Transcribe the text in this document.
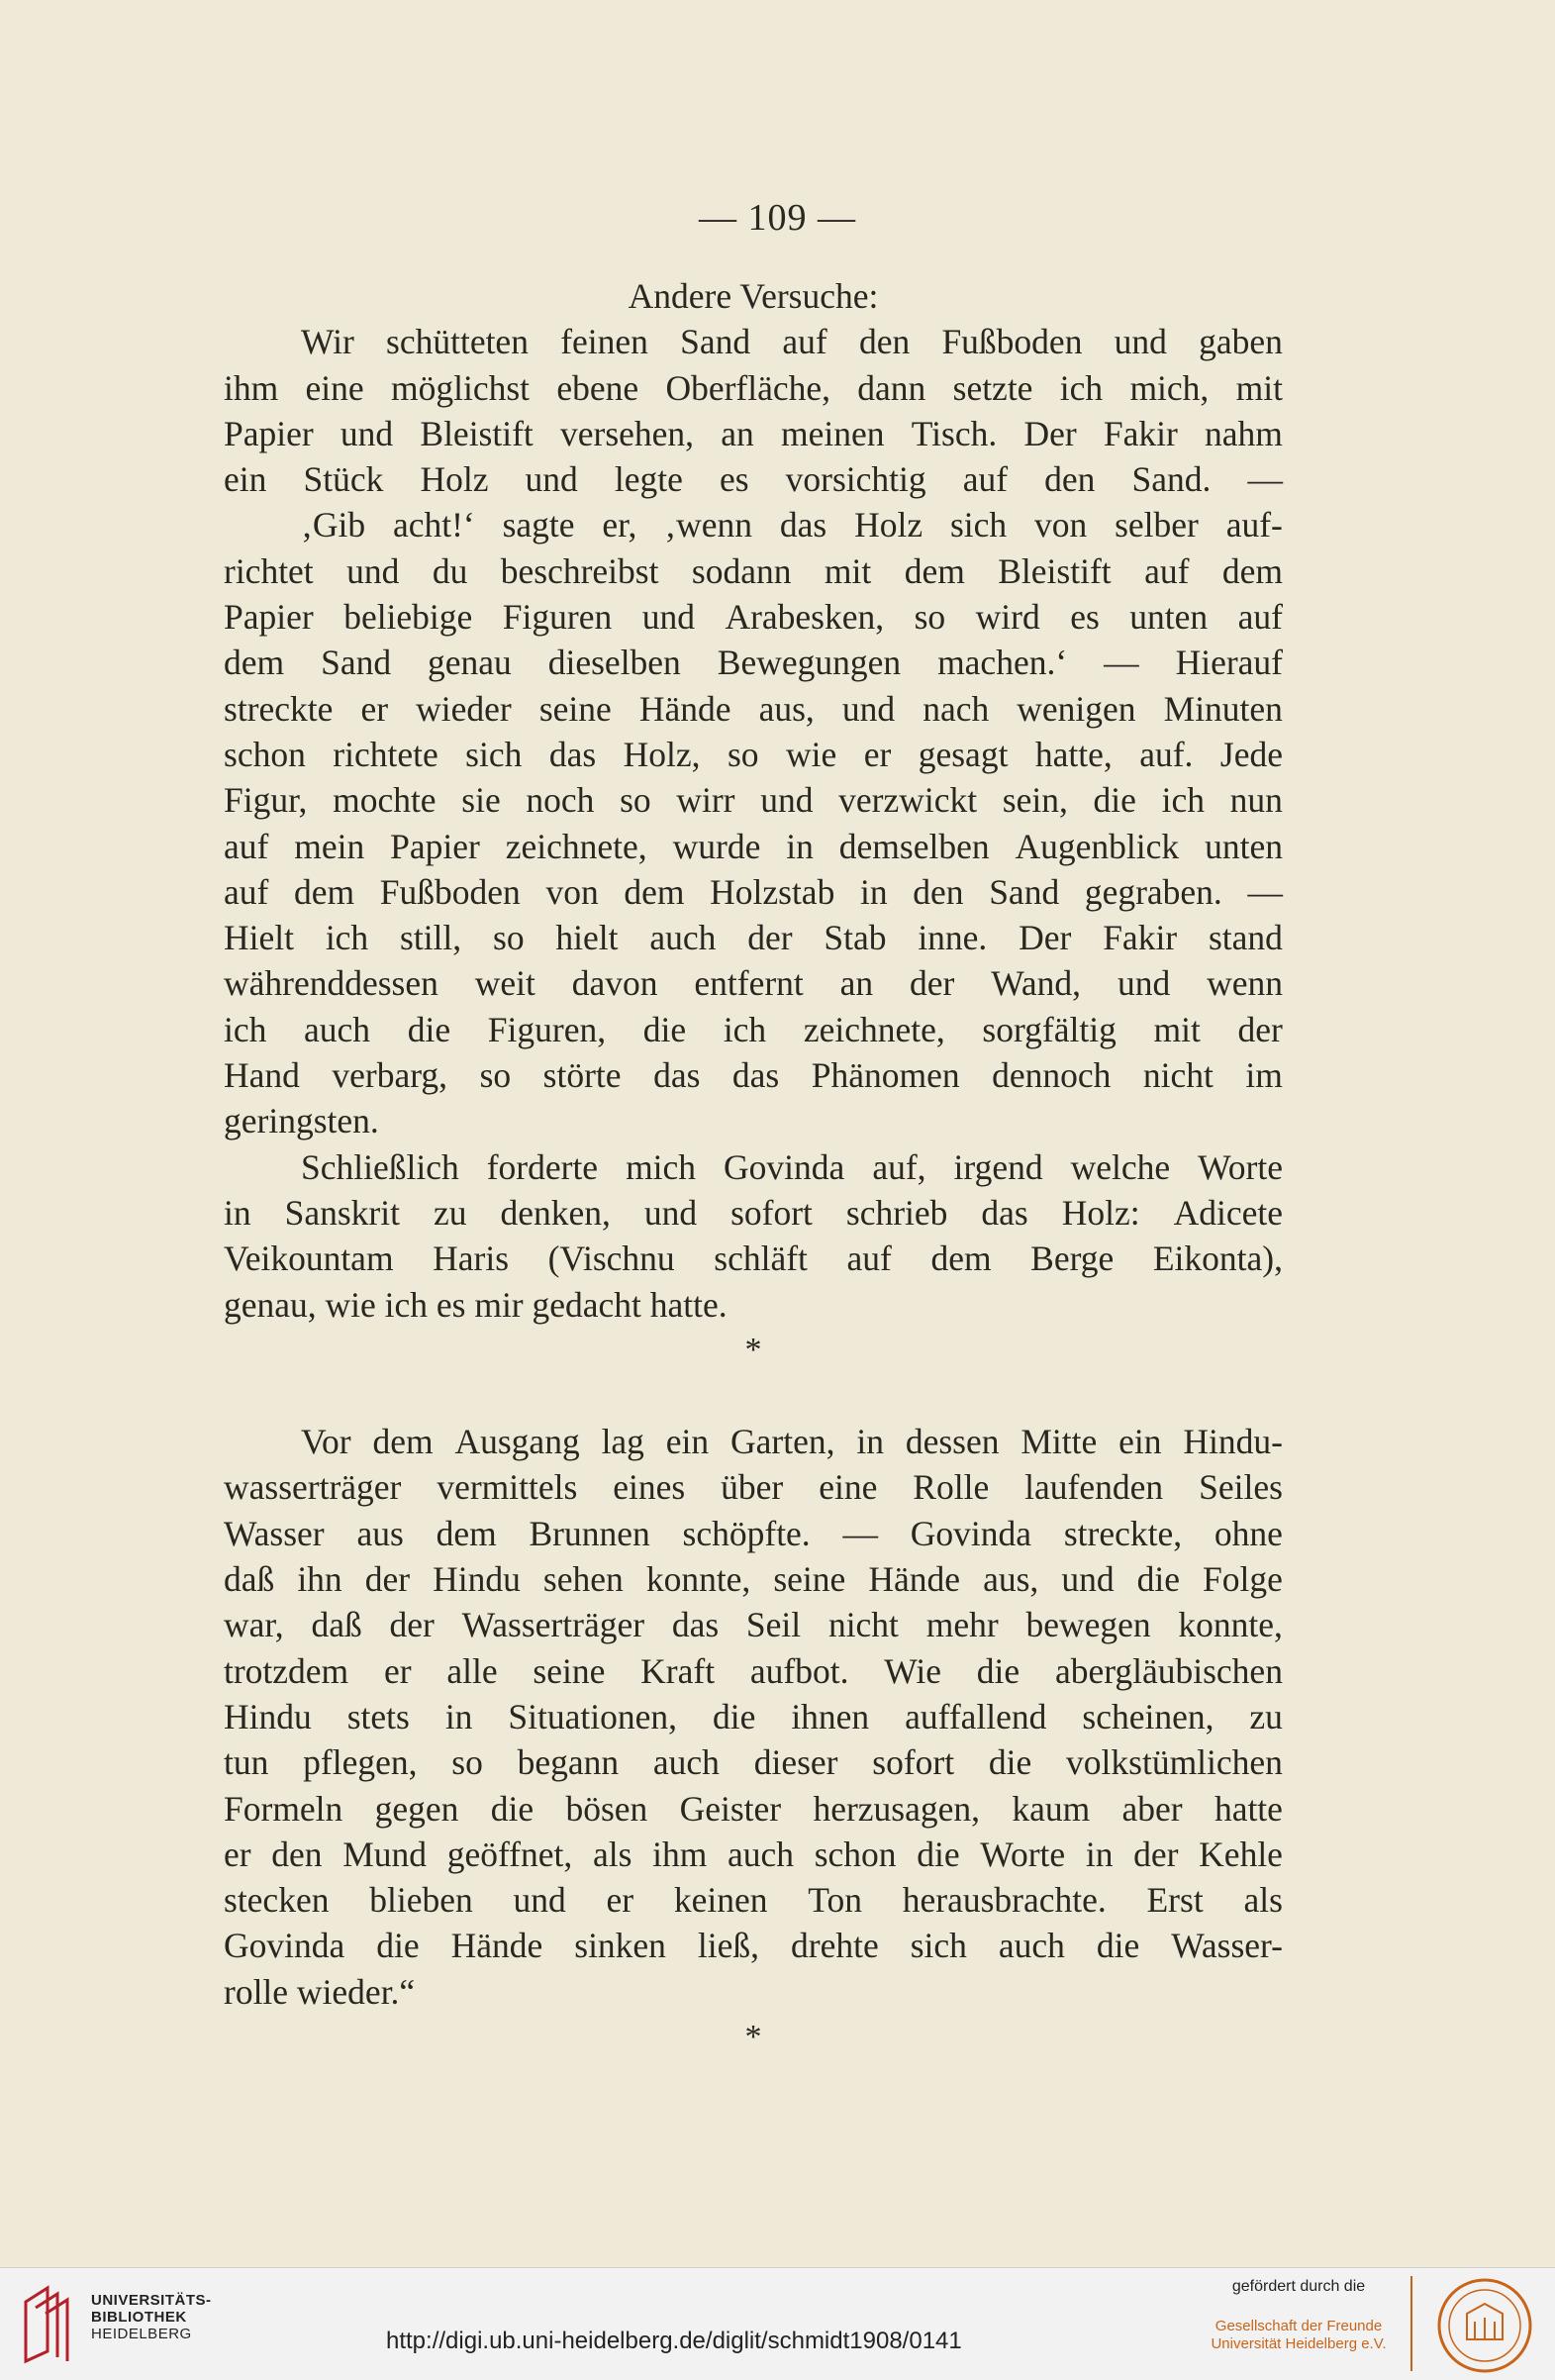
— 109 —
Andere Versuche:
Wir schütteten feinen Sand auf den Fußboden und gaben
ihm eine möglichst ebene Oberfläche, dann setzte ich mich, mit
Papier und Bleistift versehen, an meinen Tisch. Der Fakir nahm
ein Stück Holz und legte es vorsichtig auf den Sand. —
‚Gib acht!‘ sagte er, ‚wenn das Holz sich von selber auf-
richtet und du beschreibst sodann mit dem Bleistift auf dem
Papier beliebige Figuren und Arabesken, so wird es unten auf
dem Sand genau dieselben Bewegungen machen.‘ — Hierauf
streckte er wieder seine Hände aus, und nach wenigen Minuten
schon richtete sich das Holz, so wie er gesagt hatte, auf. Jede
Figur, mochte sie noch so wirr und verzwickt sein, die ich nun
auf mein Papier zeichnete, wurde in demselben Augenblick unten
auf dem Fußboden von dem Holzstab in den Sand gegraben. —
Hielt ich still, so hielt auch der Stab inne. Der Fakir stand
währenddessen weit davon entfernt an der Wand, und wenn
ich auch die Figuren, die ich zeichnete, sorgfältig mit der
Hand verbarg, so störte das das Phänomen dennoch nicht im
geringsten.
Schließlich forderte mich Govinda auf, irgend welche Worte
in Sanskrit zu denken, und sofort schrieb das Holz: Adicete
Veikountam Haris (Vischnu schläft auf dem Berge Eikonta),
genau, wie ich es mir gedacht hatte.
*
Vor dem Ausgang lag ein Garten, in dessen Mitte ein Hindu-
wasserträger vermittels eines über eine Rolle laufenden Seiles
Wasser aus dem Brunnen schöpfte. — Govinda streckte, ohne
daß ihn der Hindu sehen konnte, seine Hände aus, und die Folge
war, daß der Wasserträger das Seil nicht mehr bewegen konnte,
trotzdem er alle seine Kraft aufbot. Wie die abergläubischen
Hindu stets in Situationen, die ihnen auffallend scheinen, zu
tun pflegen, so begann auch dieser sofort die volkstümlichen
Formeln gegen die bösen Geister herzusagen, kaum aber hatte
er den Mund geöffnet, als ihm auch schon die Worte in der Kehle
stecken blieben und er keinen Ton herausbrachte. Erst als
Govinda die Hände sinken ließ, drehte sich auch die Wasser-
rolle wieder.“
*
UNIVERSITÄTS-
BIBLIOTHEK
HEIDELBERG	http://digi.ub.uni-heidelberg.de/diglit/schmidt1908/0141
gefördert durch die
Gesellschaft der Freunde
Universität Heidelberg e.V.
